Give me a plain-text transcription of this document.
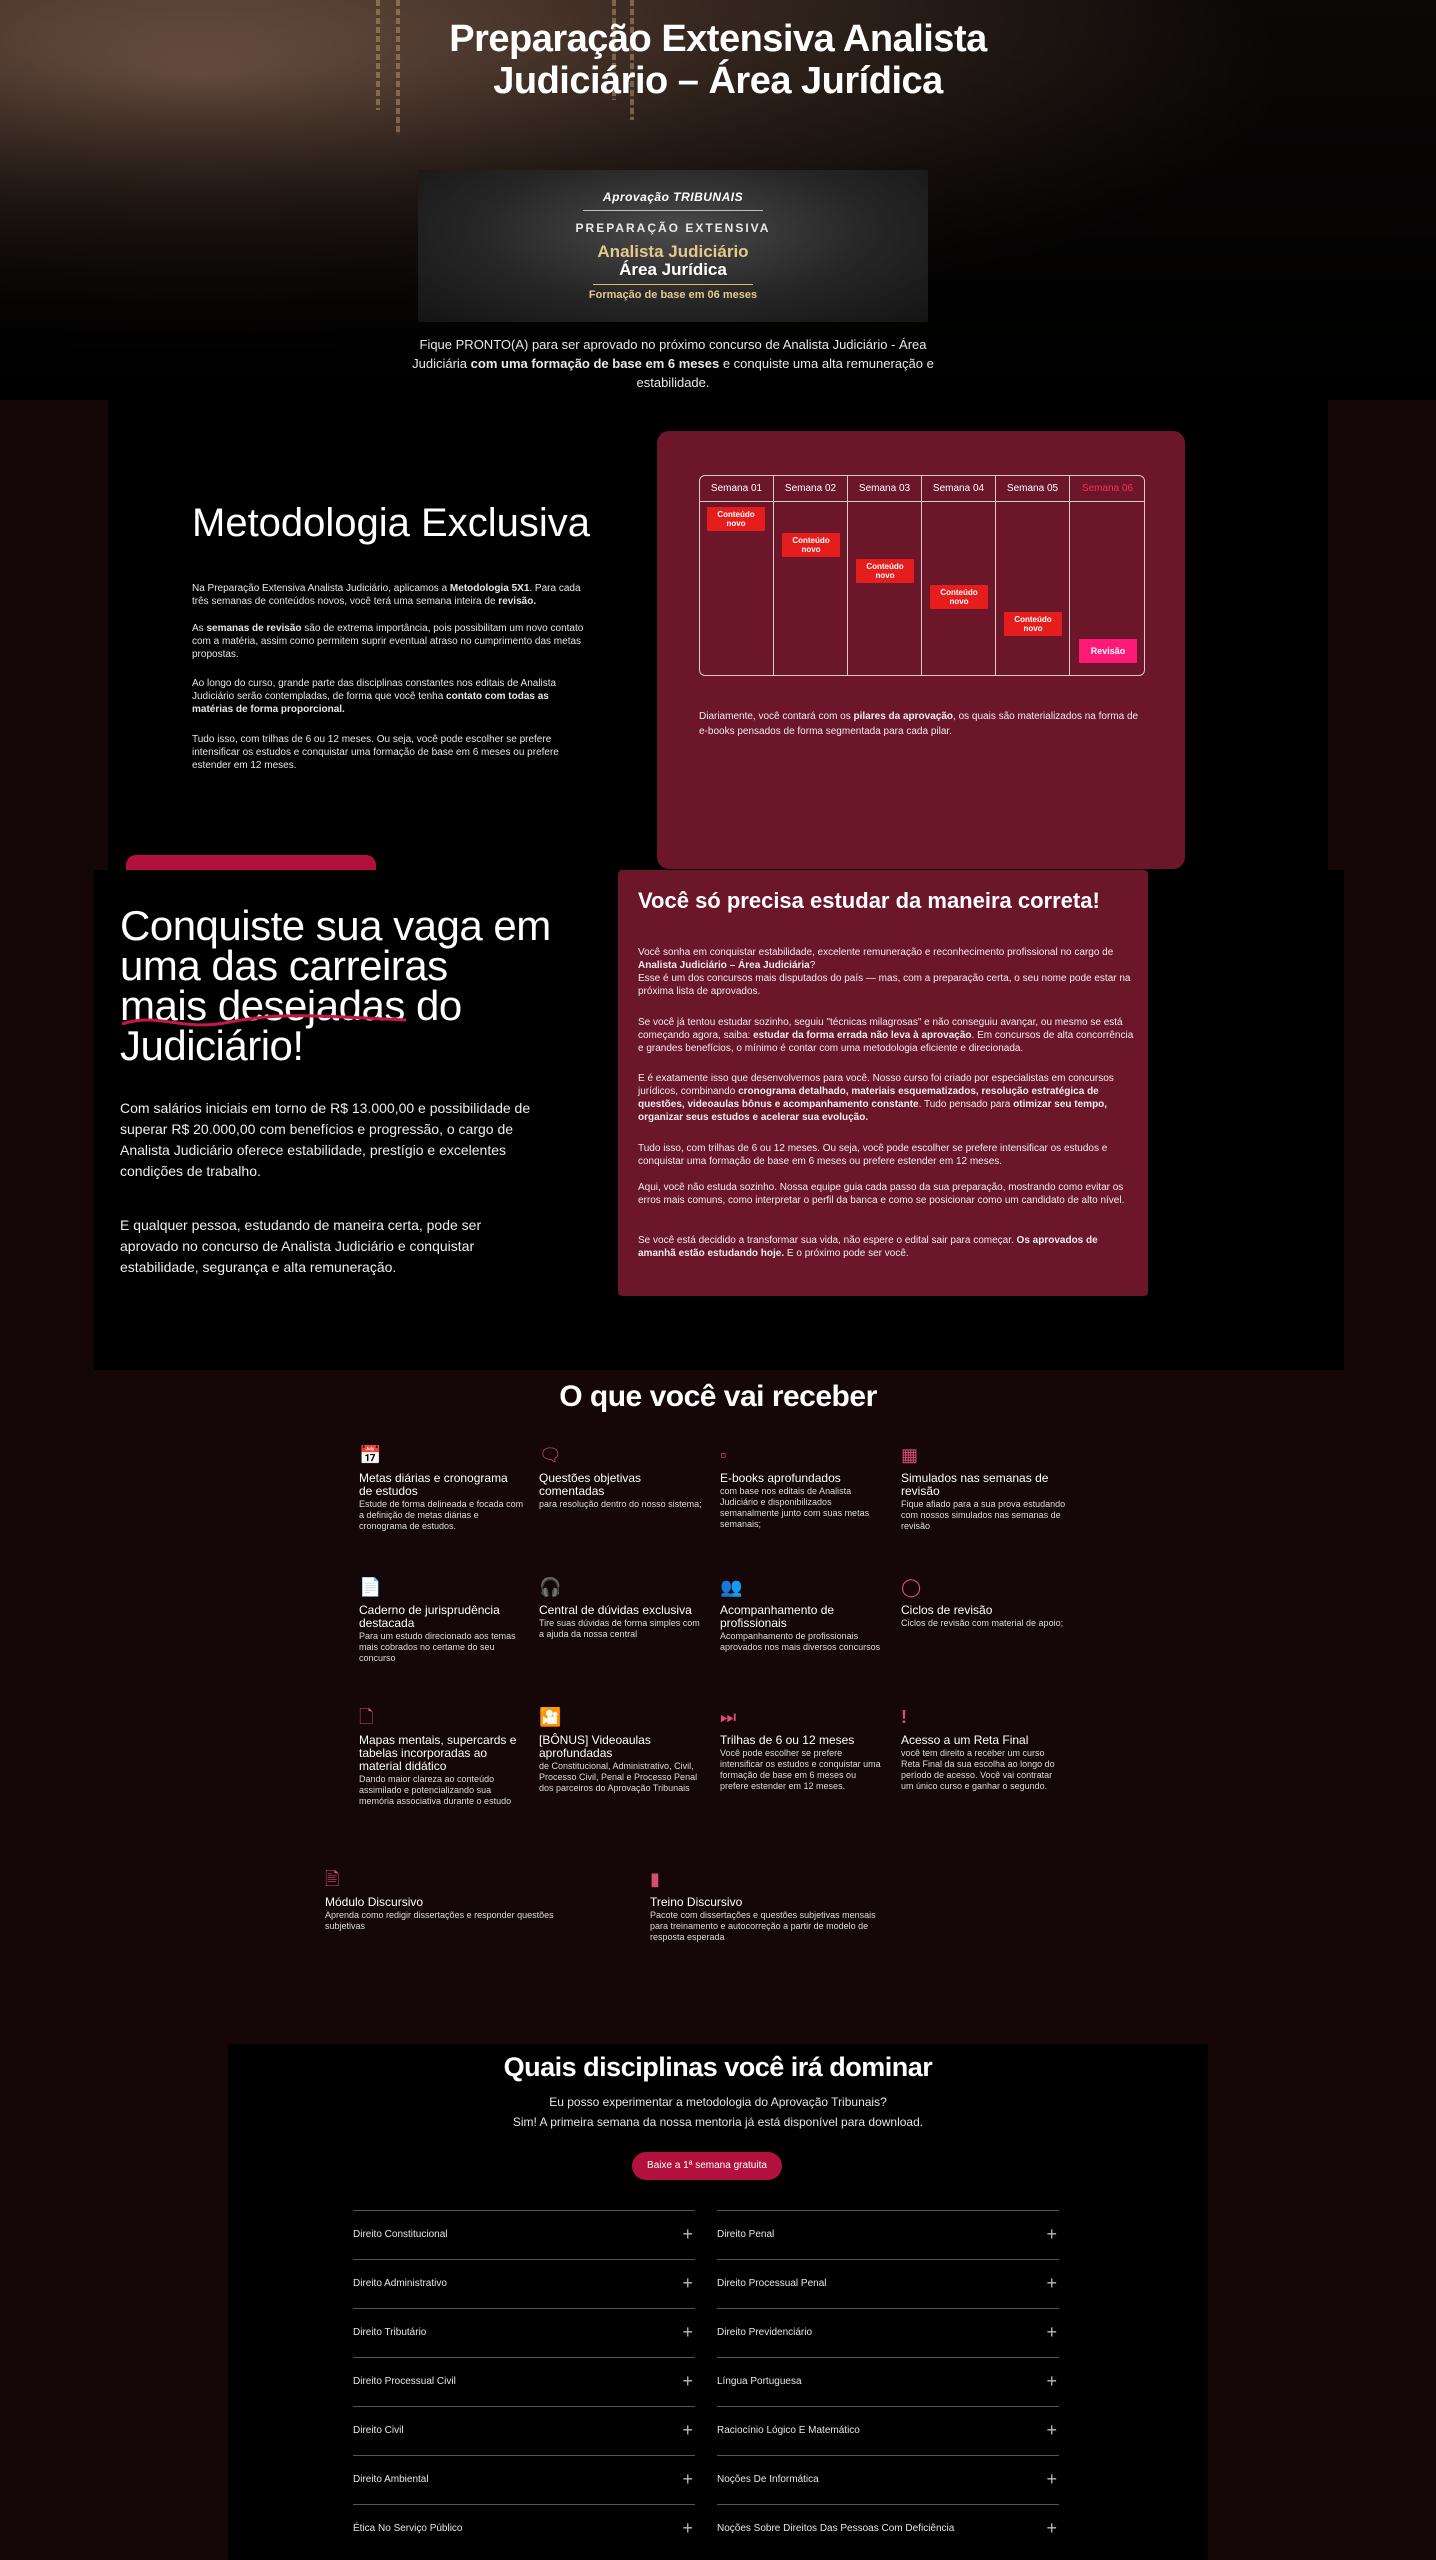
Preparação Extensiva Analista Judiciário – Área Jurídica
Aprovação TRIBUNAIS
PREPARAÇÃO EXTENSIVA
Analista Judiciário
Área Jurídica
Formação de base em 06 meses

Fique PRONTO(A) para ser aprovado no próximo concurso de Analista Judiciário - Área Judiciária com uma formação de base em 6 meses e conquiste uma alta remuneração e estabilidade.

Metodologia Exclusiva

Na Preparação Extensiva Analista Judiciário, aplicamos a Metodologia 5X1. Para cada três semanas de conteúdos novos, você terá uma semana inteira de revisão.

As semanas de revisão são de extrema importância, pois possibilitam um novo contato com a matéria, assim como permitem suprir eventual atraso no cumprimento das metas propostas.

Ao longo do curso, grande parte das disciplinas constantes nos editais de Analista Judiciário serão contempladas, de forma que você tenha contato com todas as matérias de forma proporcional.

Tudo isso, com trilhas de 6 ou 12 meses. Ou seja, você pode escolher se prefere intensificar os estudos e conquistar uma formação de base em 6 meses ou prefere estender em 12 meses.

Semana 01	Semana 02	Semana 03	Semana 04	Semana 05	Semana 06
Conteúdo novo
Conteúdo novo
Conteúdo novo
Conteúdo novo
Conteúdo novo
Revisão

Diariamente, você contará com os pilares da aprovação, os quais são materializados na forma de e-books pensados de forma segmentada para cada pilar.

Conquiste sua vaga em
uma das carreiras
mais desejadas do
Judiciário!

Com salários iniciais em torno de R$ 13.000,00 e possibilidade de superar R$ 20.000,00 com benefícios e progressão, o cargo de Analista Judiciário oferece estabilidade, prestígio e excelentes condições de trabalho.

E qualquer pessoa, estudando de maneira certa, pode ser aprovado no concurso de Analista Judiciário e conquistar estabilidade, segurança e alta remuneração.

Você só precisa estudar da maneira correta!

Você sonha em conquistar estabilidade, excelente remuneração e reconhecimento profissional no cargo de Analista Judiciário – Área Judiciária?
Esse é um dos concursos mais disputados do país — mas, com a preparação certa, o seu nome pode estar na próxima lista de aprovados.

Se você já tentou estudar sozinho, seguiu "técnicas milagrosas" e não conseguiu avançar, ou mesmo se está começando agora, saiba: estudar da forma errada não leva à aprovação. Em concursos de alta concorrência e grandes benefícios, o mínimo é contar com uma metodologia eficiente e direcionada.

E é exatamente isso que desenvolvemos para você. Nosso curso foi criado por especialistas em concursos jurídicos, combinando cronograma detalhado, materiais esquematizados, resolução estratégica de questões, videoaulas bônus e acompanhamento constante. Tudo pensado para otimizar seu tempo, organizar seus estudos e acelerar sua evolução.

Tudo isso, com trilhas de 6 ou 12 meses. Ou seja, você pode escolher se prefere intensificar os estudos e conquistar uma formação de base em 6 meses ou prefere estender em 12 meses.

Aqui, você não estuda sozinho. Nossa equipe guia cada passo da sua preparação, mostrando como evitar os erros mais comuns, como interpretar o perfil da banca e como se posicionar como um candidato de alto nível.

Se você está decidido a transformar sua vida, não espere o edital sair para começar. Os aprovados de amanhã estão estudando hoje. E o próximo pode ser você.

O que você vai receber
📅
Metas diárias e cronograma de estudos
Estude de forma delineada e focada com a definição de metas diárias e cronograma de estudos.
🗨
Questões objetivas comentadas
para resolução dentro do nosso sistema;
▫
E-books aprofundados
com base nos editais de Analista Judiciário e disponibilizados semanalmente junto com suas metas semanais;
▦
Simulados nas semanas de revisão
Fique afiado para a sua prova estudando com nossos simulados nas semanas de revisão
📄
Caderno de jurisprudência destacada
Para um estudo direcionado aos temas mais cobrados no certame do seu concurso
🎧
Central de dúvidas exclusiva
Tire suas dúvidas de forma simples com a ajuda da nossa central
👥
Acompanhamento de profissionais
Acompanhamento de profissionais aprovados nos mais diversos concursos
◯
Ciclos de revisão
Ciclos de revisão com material de apoio;
🗋
Mapas mentais, supercards e tabelas incorporadas ao material didático
Dando maior clareza ao conteúdo assimilado e potencializando sua memória associativa durante o estudo
🎦
[BÔNUS] Videoaulas aprofundadas
de Constitucional, Administrativo, Civil, Processo Civil, Penal e Processo Penal dos parceiros do Aprovação Tribunais
⏭
Trilhas de 6 ou 12 meses
Você pode escolher se prefere intensificar os estudos e conquistar uma formação de base em 6 meses ou prefere estender em 12 meses.
!
Acesso a um Reta Final
você tem direito a receber um curso Reta Final da sua escolha ao longo do período de acesso. Você vai contratar um único curso e ganhar o segundo.
🖹
Módulo Discursivo
Aprenda como redigir dissertações e responder questões subjetivas
▮
Treino Discursivo
Pacote com dissertações e questões subjetivas mensais para treinamento e autocorreção a partir de modelo de resposta esperada
Quais disciplinas você irá dominar

Eu posso experimentar a metodologia do Aprovação Tribunais?

Sim! A primeira semana da nossa mentoria já está disponível para download.

Baixe a 1ª semana gratuita
Direito Constitucional	+
Direito Administrativo	+
Direito Tributário	+
Direito Processual Civil	+
Direito Civil	+
Direito Ambiental	+
Ética No Serviço Público	+
Direito Penal	+
Direito Processual Penal	+
Direito Previdenciário	+
Língua Portuguesa	+
Raciocínio Lógico E Matemático	+
Noções De Informática	+
Noções Sobre Direitos Das Pessoas Com Deficiência	+
